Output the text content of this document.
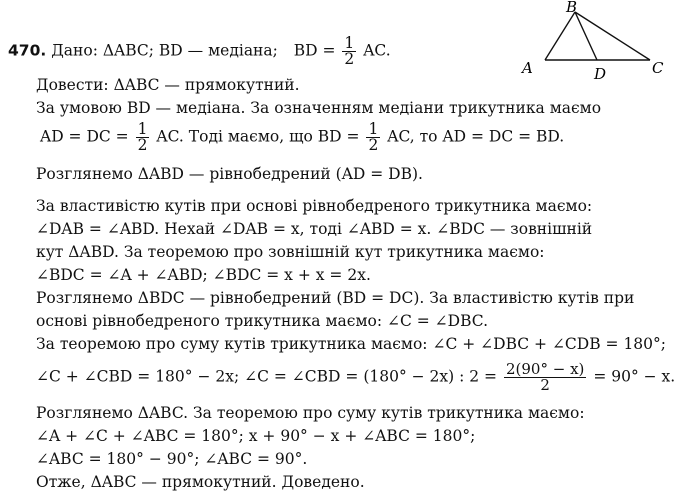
470. Дано: ΔABC; BD — медіана; BD = $\frac{1}{2}$ AC.
B
A	D	C
Довести: ΔABC — прямокутний.
За умовою BD — медіана. За означенням медіани трикутника маємо
AD = DC = $\frac{1}{2}$ AC. Тоді маємо, що BD = $\frac{1}{2}$ AC, то AD = DC = BD.
Розглянемо ΔABD — рівнобедрений (AD = DB).
За властивістю кутів при основі рівнобедреного трикутника маємо:
∠DAB = ∠ABD. Нехай ∠DAB = x, тоді ∠ABD = x. ∠BDC — зовнішній
кут ΔABD. За теоремою про зовнішній кут трикутника маємо:
∠BDC = ∠A + ∠ABD; ∠BDC = x + x = 2x.
Розглянемо ΔBDC — рівнобедрений (BD = DC). За властивістю кутів при
основі рівнобедреного трикутника маємо: ∠C = ∠DBC.
За теоремою про суму кутів трикутника маємо: ∠C + ∠DBC + ∠CDB = 180°;
∠C + ∠CBD = 180° − 2x; ∠C = ∠CBD = (180° − 2x) : $2 = \frac{2(90^\circ - x)}{2} = 90^\circ - x$.
Розглянемо ΔABC. За теоремою про суму кутів трикутника маємо:
∠A + ∠C + ∠ABC = 180°; x + 90° − x + ∠ABC = 180°;
∠ABC = 180° − 90°; ∠ABC = 90°.
Отже, ΔABC — прямокутний. Доведено.
